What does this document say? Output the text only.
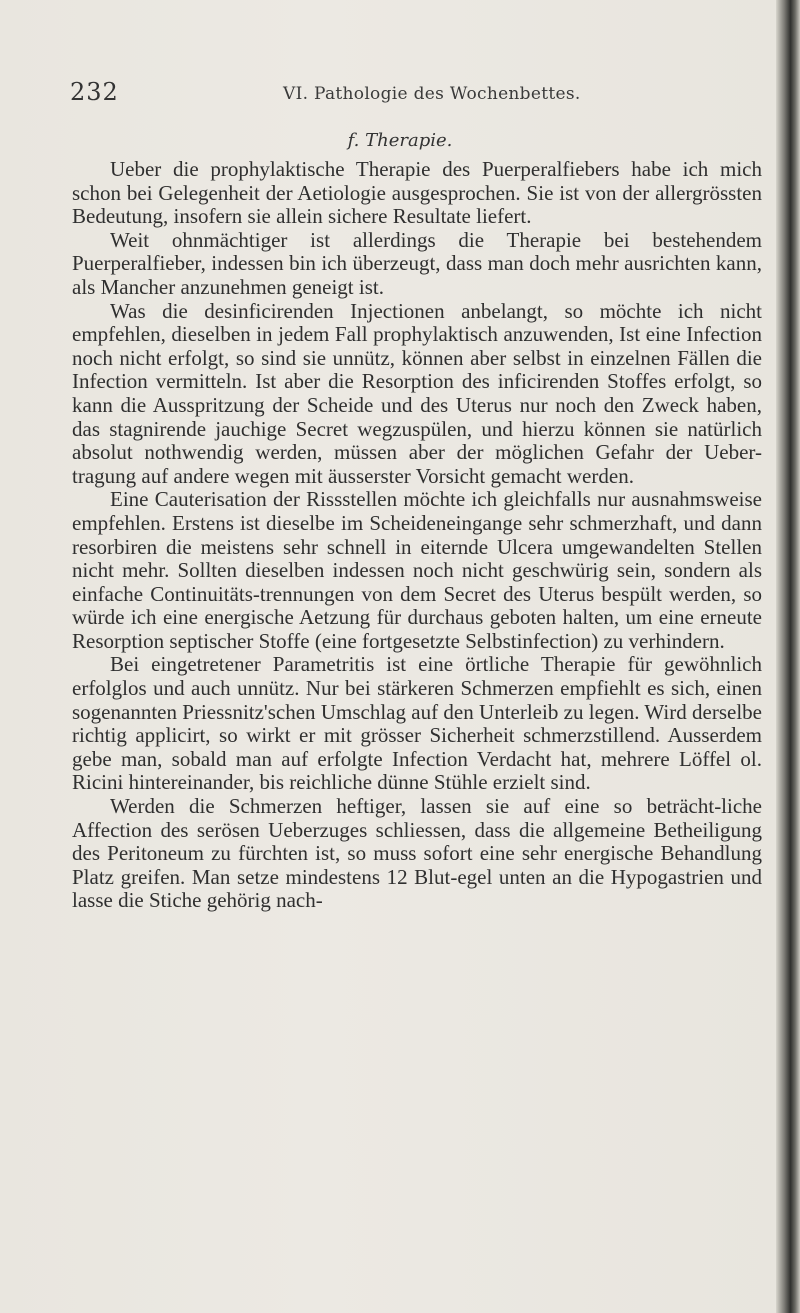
232	VI. Pathologie des Wochenbettes.
f. Therapie.

Ueber die prophylaktische Therapie des Puerperalfiebers habe ich mich schon bei Gelegenheit der Aetiologie ausgesprochen. Sie ist von der allergrössten Bedeutung, insofern sie allein sichere Resultate liefert.

Weit ohnmächtiger ist allerdings die Therapie bei bestehendem Puerperalfieber, indessen bin ich überzeugt, dass man doch mehr ausrichten kann, als Mancher anzunehmen geneigt ist.

Was die desinficirenden Injectionen anbelangt, so möchte ich nicht empfehlen, dieselben in jedem Fall prophylaktisch anzuwenden, Ist eine Infection noch nicht erfolgt, so sind sie unnütz, können aber selbst in einzelnen Fällen die Infection vermitteln. Ist aber die Resorption des inficirenden Stoffes erfolgt, so kann die Ausspritzung der Scheide und des Uterus nur noch den Zweck haben, das stagnirende jauchige Secret wegzuspülen, und hierzu können sie natürlich absolut nothwendig werden, müssen aber der möglichen Gefahr der Ueber-tragung auf andere wegen mit äusserster Vorsicht gemacht werden.

Eine Cauterisation der Rissstellen möchte ich gleichfalls nur ausnahmsweise empfehlen. Erstens ist dieselbe im Scheideneingange sehr schmerzhaft, und dann resorbiren die meistens sehr schnell in eiternde Ulcera umgewandelten Stellen nicht mehr. Sollten dieselben indessen noch nicht geschwürig sein, sondern als einfache Continuitäts-trennungen von dem Secret des Uterus bespült werden, so würde ich eine energische Aetzung für durchaus geboten halten, um eine erneute Resorption septischer Stoffe (eine fortgesetzte Selbstinfection) zu verhindern.

Bei eingetretener Parametritis ist eine örtliche Therapie für gewöhnlich erfolglos und auch unnütz. Nur bei stärkeren Schmerzen empfiehlt es sich, einen sogenannten Priessnitz'schen Umschlag auf den Unterleib zu legen. Wird derselbe richtig applicirt, so wirkt er mit grösser Sicherheit schmerzstillend. Ausserdem gebe man, sobald man auf erfolgte Infection Verdacht hat, mehrere Löffel ol. Ricini hintereinander, bis reichliche dünne Stühle erzielt sind.

Werden die Schmerzen heftiger, lassen sie auf eine so beträcht-liche Affection des serösen Ueberzuges schliessen, dass die allgemeine Betheiligung des Peritoneum zu fürchten ist, so muss sofort eine sehr energische Behandlung Platz greifen. Man setze mindestens 12 Blut-egel unten an die Hypogastrien und lasse die Stiche gehörig nach-
